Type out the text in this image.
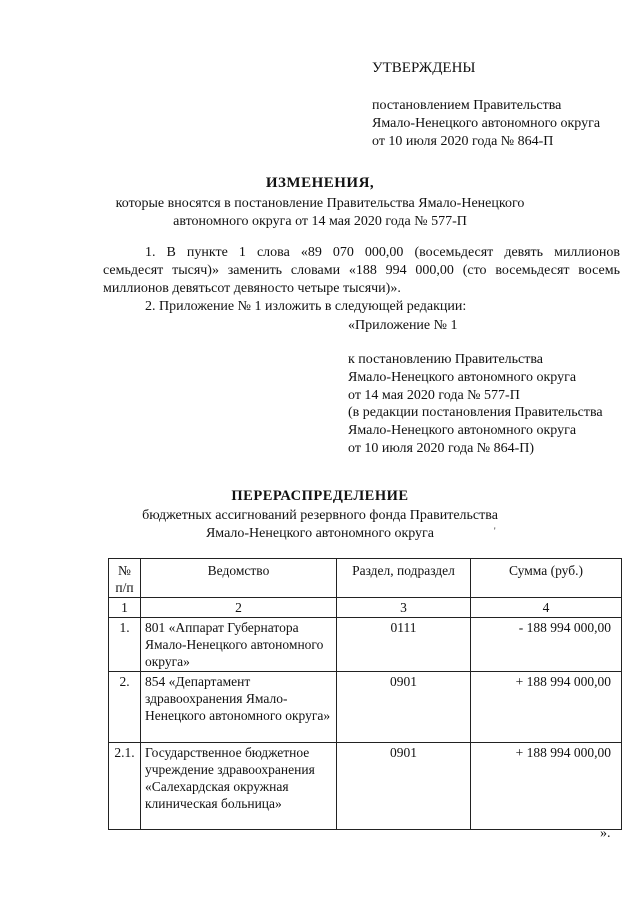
УТВЕРЖДЕНЫ
постановлением Правительства
Ямало-Ненецкого автономного округа
от 10 июля 2020 года № 864-П
ИЗМЕНЕНИЯ,
которые вносятся в постановление Правительства Ямало-Ненецкого
автономного округа от 14 мая 2020 года № 577-П
1. В пункте 1 слова «89 070 000,00 (восемьдесят девять миллионов
семьдесят тысяч)» заменить словами «188 994 000,00 (сто восемьдесят восемь
миллионов девятьсот девяносто четыре тысячи)».
2. Приложение № 1 изложить в следующей редакции:
«Приложение № 1
к постановлению Правительства
Ямало-Ненецкого автономного округа
от 14 мая 2020 года № 577-П
(в редакции постановления Правительства
Ямало-Ненецкого автономного округа
от 10 июля 2020 года № 864-П)
ПЕРЕРАСПРЕДЕЛЕНИЕ
бюджетных ассигнований резервного фонда Правительства
Ямало-Ненецкого автономного округа	'
№ п/п	Ведомство	Раздел, подраздел	Сумма (руб.)
1	2	3	4
1.	801 «Аппарат Губернатора Ямало-Ненецкого автономного округа»	0111	- 188 994 000,00
2.	854 «Департамент здравоохранения Ямало-Ненецкого автономного округа»	0901	+ 188 994 000,00
2.1.	Государственное бюджетное учреждение здравоохранения «Салехардская окружная клиническая больница»	0901	+ 188 994 000,00
».
